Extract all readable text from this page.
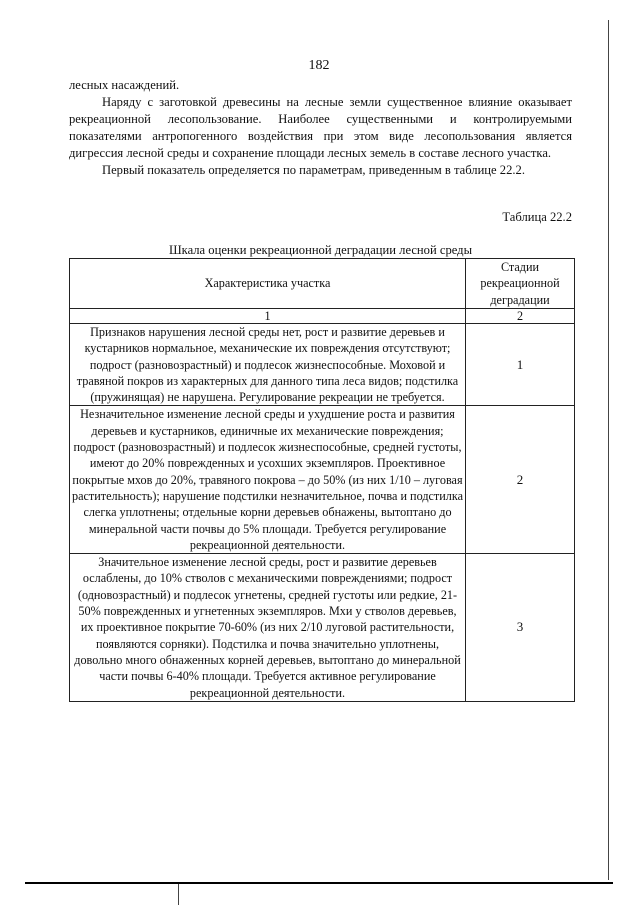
182

лесных насаждений.

Наряду с заготовкой древесины на лесные земли существенное влияние оказывает рекреационной лесопользование. Наиболее существенными и контролируемыми показателями антропогенного воздействия при этом виде лесопользования является дигрессия лесной среды и сохранение площади лесных земель в составе лесного участка.

Первый показатель определяется по параметрам, приведенным в таблице 22.2.

Таблица 22.2
Шкала оценки рекреационной деградации лесной среды
Характеристика участка	Стадии рекреационной деградации
1	2
Признаков нарушения лесной среды нет, рост и развитие деревьев и кустарников нормальное, механические их повреждения отсутствуют; подрост (разновозрастный) и подлесок жизнеспособные. Моховой и травяной покров из характерных для данного типа леса видов; подстилка (пружинящая) не нарушена. Регулирование рекреации не требуется.	1
Незначительное изменение лесной среды и ухудшение роста и развития деревьев и кустарников, единичные их механические повреждения; подрост (разновозрастный) и подлесок жизнеспособные, средней густоты, имеют до 20% поврежденных и усохших экземпляров. Проективное покрытые мхов до 20%, травяного покрова – до 50% (из них 1/10 – луговая растительность); нарушение подстилки незначительное, почва и подстилка слегка уплотнены; отдельные корни деревьев обнажены, вытоптано до минеральной части почвы до 5% площади. Требуется регулирование рекреационной деятельности.	2
Значительное изменение лесной среды, рост и развитие деревьев ослаблены, до 10% стволов с механическими повреждениями; подрост (одновозрастный) и подлесок угнетены, средней густоты или редкие, 21-50% поврежденных и угнетенных экземпляров. Мхи у стволов деревьев, их проективное покрытие 70-60% (из них 2/10 луговой растительности, появляются сорняки). Подстилка и почва значительно уплотнены, довольно много обнаженных корней деревьев, вытоптано до минеральной части почвы 6-40% площади. Требуется активное регулирование рекреационной деятельности.	3
